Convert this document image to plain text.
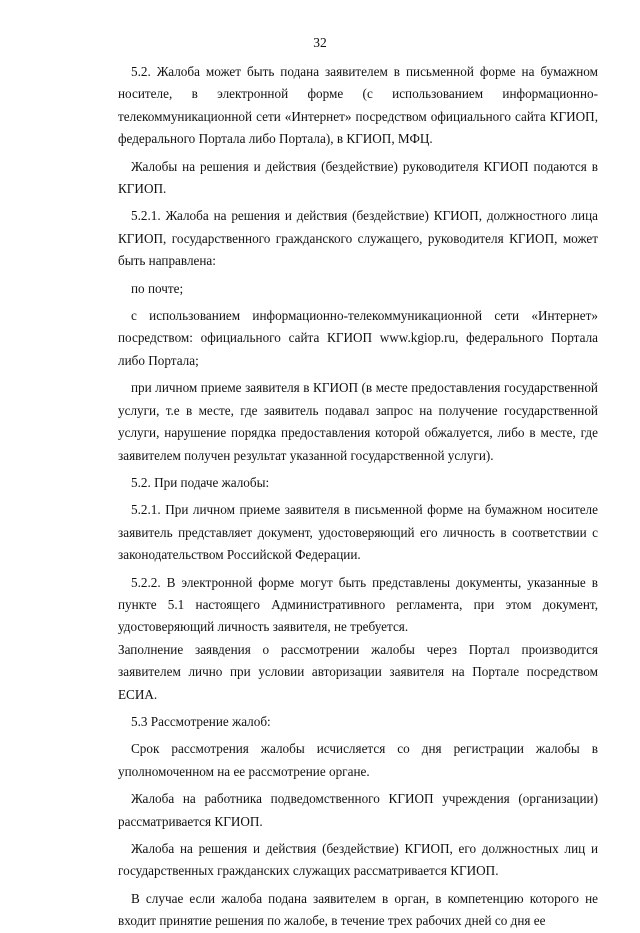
32

5.2. Жалоба может быть подана заявителем в письменной форме на бумажном носителе, в электронной форме (с использованием информационно-телекоммуникационной сети «Интернет» посредством официального сайта КГИОП, федерального Портала либо Портала), в КГИОП, МФЦ.

Жалобы на решения и действия (бездействие) руководителя КГИОП подаются в КГИОП.

5.2.1. Жалоба на решения и действия (бездействие) КГИОП, должностного лица КГИОП, государственного гражданского служащего, руководителя КГИОП, может быть направлена:

по почте;

с использованием информационно-телекоммуникационной сети «Интернет» посредством: официального сайта КГИОП www.kgiop.ru, федерального Портала либо Портала;

при личном приеме заявителя в КГИОП (в месте предоставления государственной услуги, т.е в месте, где заявитель подавал запрос на получение государственной услуги, нарушение порядка предоставления которой обжалуется, либо в месте, где заявителем получен результат указанной государственной услуги).

5.2. При подаче жалобы:

5.2.1. При личном приеме заявителя в письменной форме на бумажном носителе заявитель представляет документ, удостоверяющий его личность в соответствии с законодательством Российской Федерации.

5.2.2. В электронной форме могут быть представлены документы, указанные в пункте 5.1 настоящего Административного регламента, при этом документ, удостоверяющий личность заявителя, не требуется.

Заполнение заявдения о рассмотрении жалобы через Портал производится заявителем лично при условии авторизации заявителя на Портале посредством ЕСИА.

5.3 Рассмотрение жалоб:

Срок рассмотрения жалобы исчисляется со дня регистрации жалобы в уполномоченном на ее рассмотрение органе.

Жалоба на работника подведомственного КГИОП учреждения (организации) рассматривается КГИОП.

Жалоба на решения и действия (бездействие) КГИОП, его должностных лиц и государственных гражданских служащих рассматривается КГИОП.

В случае если жалоба подана заявителем в орган, в компетенцию которого не входит принятие решения по жалобе, в течение трех рабочих дней со дня ее
